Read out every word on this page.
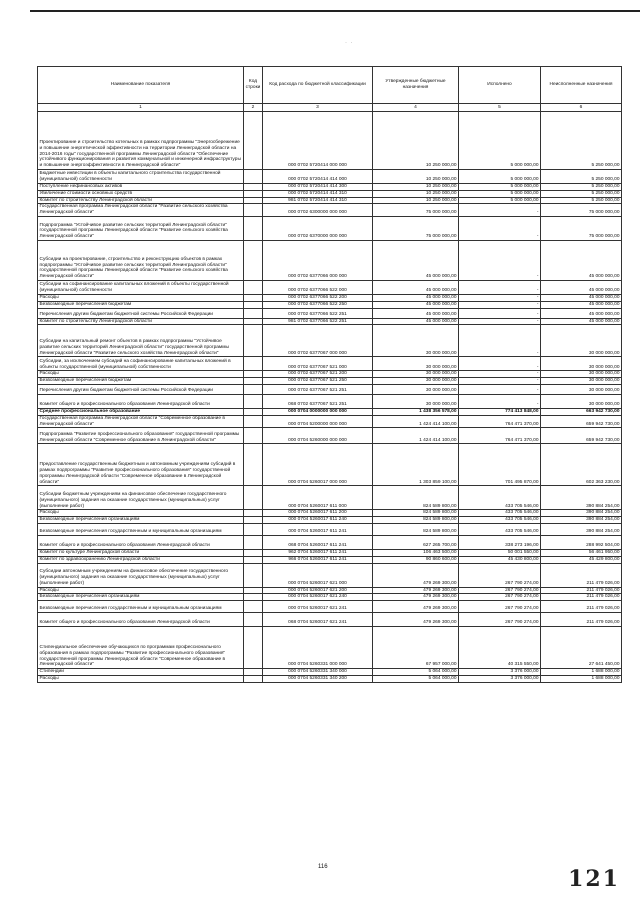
·  ·
Наименование показателя	Код строки	Код расхода по бюджетной классификации	Утвержденные бюджетные назначения	Исполнено	Неисполненные назначения
1	2	3	4	5	6
Проектирование и строительство котельных в рамках подпрограммы "Энергосбережение и повышение энергетической эффективности на территории Ленинградской области на 2014-2016 годы" государственной программы Ленинградской области "Обеспечение устойчивого функционирования и развития коммунальной и инженерной инфраструктуры и повышение энергоэффективности в Ленинградской области"		000 0702 5720414 000 000	10 250 000,00	5 000 000,00	5 250 000,00
Бюджетные инвестиции в объекты капитального строительства государственной (муниципальной) собственности		000 0702 5720414 414 000	10 250 000,00	5 000 000,00	5 250 000,00
Поступление нефинансовых активов		000 0702 5720414 414 300	10 250 000,00	5 000 000,00	5 250 000,00
Увеличение стоимости основных средств		000 0702 5720414 414 310	10 250 000,00	5 000 000,00	5 250 000,00
Комитет по строительству Ленинградской области		981 0702 5720414 414 310	10 250 000,00	5 000 000,00	5 250 000,00
Государственная программа Ленинградской области "Развитие сельского хозяйства Ленинградской области"		000 0702 6300000 000 000	75 000 000,00	-	75 000 000,00
Подпрограмма "Устойчивое развитие сельских территорий Ленинградской области" государственной программы Ленинградской области "Развитие сельского хозяйства Ленинградской области"		000 0702 6370000 000 000	75 000 000,00	-	75 000 000,00
Субсидии на проектирование, строительство и реконструкцию объектов в рамках подпрограммы "Устойчивое развитие сельских территорий Ленинградской области" государственной программы Ленинградской области "Развитие сельского хозяйства Ленинградской области"		000 0702 6377066 000 000	45 000 000,00	-	45 000 000,00
Субсидии на софинансирование капитальных вложений в объекты государственной (муниципальной) собственности		000 0702 6377066 522 000	45 000 000,00	-	45 000 000,00
Расходы		000 0702 6377066 522 200	45 000 000,00	-	45 000 000,00
Безвозмездные перечисления бюджетам		000 0702 6377066 522 250	45 000 000,00	-	45 000 000,00
Перечисления другим бюджетам бюджетной системы Российской Федерации		000 0702 6377066 522 251	45 000 000,00	-	45 000 000,00
Комитет по строительству Ленинградской области		981 0702 6377066 522 251	45 000 000,00	-	45 000 000,00
Субсидии на капитальный ремонт объектов в рамках подпрограммы "Устойчивое развитие сельских территорий Ленинградской области" государственной программы Ленинградской области "Развитие сельского хозяйства Ленинградской области"		000 0702 6377067 000 000	30 000 000,00	-	30 000 000,00
Субсидии, за исключением субсидий на софинансирование капитальных вложений в объекты государственной (муниципальной) собственности		000 0702 6377067 521 000	30 000 000,00	-	30 000 000,00
Расходы		000 0702 6377067 521 200	30 000 000,00	-	30 000 000,00
Безвозмездные перечисления бюджетам		000 0702 6377067 521 250	30 000 000,00	-	30 000 000,00
Перечисления другим бюджетам бюджетной системы Российской Федерации		000 0702 6377067 521 251	30 000 000,00	-	30 000 000,00
Комитет общего и профессионального образования Ленинградской области		068 0702 6377067 521 251	30 000 000,00	-	30 000 000,00
Среднее профессиональное образование		000 0704 0000000 000 000	1 438 356 578,00	774 413 848,00	663 942 730,00
Государственная программа Ленинградской области "Современное образование в Ленинградской области"		000 0704 5200000 000 000	1 424 414 100,00	764 471 370,00	659 942 730,00
Подпрограмма "Развитие профессионального образования" государственной программы Ленинградской области "Современное образование в Ленинградской области"		000 0704 5260000 000 000	1 424 414 100,00	764 471 370,00	659 942 730,00
Предоставление государственным бюджетным и автономным учреждениям субсидий в рамках подпрограммы "Развитие профессионального образования" государственной программы Ленинградской области "Современное образование в Ленинградской области"		000 0704 5260017 000 000	1 303 859 100,00	701 495 870,00	602 363 230,00
Субсидии бюджетным учреждениям на финансовое обеспечение государственного (муниципального) задания на оказание государственных (муниципальных) услуг (выполнение работ)		000 0704 5260017 611 000	824 589 800,00	433 705 546,00	390 884 254,00
Расходы		000 0704 5260017 611 200	824 589 800,00	433 705 546,00	390 884 254,00
Безвозмездные перечисления организациям		000 0704 5260017 611 240	824 589 800,00	433 705 546,00	390 884 254,00
Безвозмездные перечисления государственным и муниципальным организациям		000 0704 5260017 611 241	824 589 800,00	433 705 546,00	390 884 254,00
Комитет общего и профессионального образования Ленинградской области		068 0704 5260017 611 241	627 265 700,00	338 273 196,00	288 992 504,00
Комитет по культуре Ленинградской области		962 0704 5260017 611 241	106 463 500,00	50 001 550,00	56 461 950,00
Комитет по здравоохранению Ленинградской области		966 0704 5260017 611 241	90 860 600,00	45 430 800,00	45 429 800,00
Субсидии автономным учреждениям на финансовое обеспечение государственного (муниципального) задания на оказание государственных (муниципальных) услуг (выполнение работ)		000 0704 5260017 621 000	479 269 300,00	267 790 274,00	211 479 026,00
Расходы		000 0704 5260017 621 200	479 269 300,00	267 790 274,00	211 479 026,00
Безвозмездные перечисления организациям		000 0704 5260017 621 240	479 269 300,00	267 790 274,00	211 479 026,00
Безвозмездные перечисления государственным и муниципальным организациям		000 0704 5260017 621 241	479 269 300,00	267 790 274,00	211 479 026,00
Комитет общего и профессионального образования Ленинградской области		068 0704 5260017 621 241	479 269 300,00	267 790 274,00	211 479 026,00
Стипендиальное обеспечение обучающихся по программам профессионального образования в рамках подпрограммы "Развитие профессионального образования" государственной программы Ленинградской области "Современное образование в Ленинградской области"		000 0704 5260331 000 000	67 957 000,00	40 315 550,00	27 641 450,00
Стипендии		000 0704 5260331 340 000	5 064 000,00	3 376 000,00	1 688 000,00
Расходы		000 0704 5260331 340 200	5 064 000,00	3 376 000,00	1 688 000,00
116	121
